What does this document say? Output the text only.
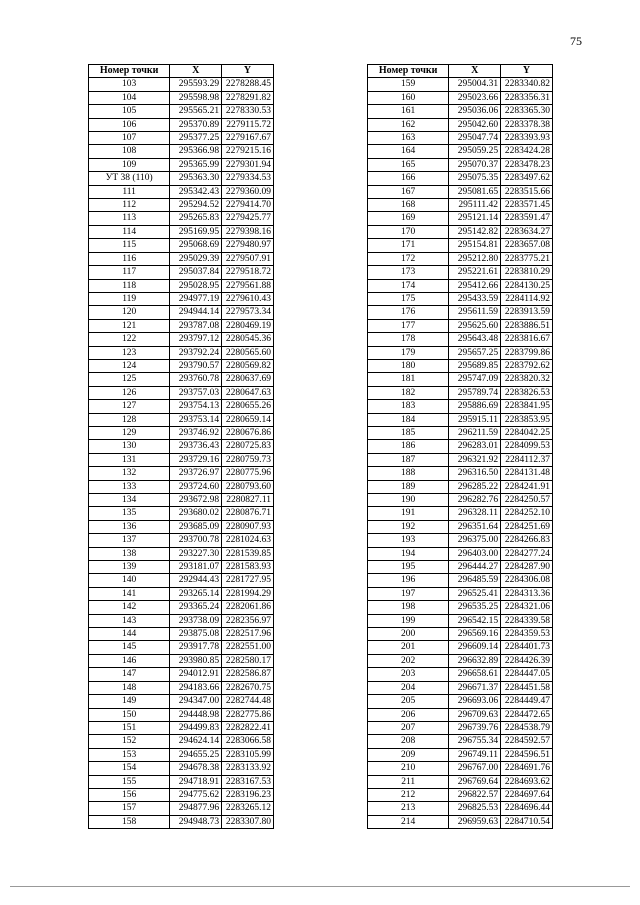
75
Номер точки	X	Y
103	295593.29	2278288.45
104	295598.98	2278291.82
105	295565.21	2278330.53
106	295370.89	2279115.72
107	295377.25	2279167.67
108	295366.98	2279215.16
109	295365.99	2279301.94
УТ 38 (110)	295363.30	2279334.53
111	295342.43	2279360.09
112	295294.52	2279414.70
113	295265.83	2279425.77
114	295169.95	2279398.16
115	295068.69	2279480.97
116	295029.39	2279507.91
117	295037.84	2279518.72
118	295028.95	2279561.88
119	294977.19	2279610.43
120	294944.14	2279573.34
121	293787.08	2280469.19
122	293797.12	2280545.36
123	293792.24	2280565.60
124	293790.57	2280569.82
125	293760.78	2280637.69
126	293757.03	2280647.63
127	293754.13	2280655.26
128	293753.14	2280659.14
129	293746.92	2280676.86
130	293736.43	2280725.83
131	293729.16	2280759.73
132	293726.97	2280775.96
133	293724.60	2280793.60
134	293672.98	2280827.11
135	293680.02	2280876.71
136	293685.09	2280907.93
137	293700.78	2281024.63
138	293227.30	2281539.85
139	293181.07	2281583.93
140	292944.43	2281727.95
141	293265.14	2281994.29
142	293365.24	2282061.86
143	293738.09	2282356.97
144	293875.08	2282517.96
145	293917.78	2282551.00
146	293980.85	2282580.17
147	294012.91	2282586.87
148	294183.66	2282670.75
149	294347.00	2282744.48
150	294448.98	2282775.86
151	294499.83	2282822.41
152	294624.14	2283066.58
153	294655.25	2283105.99
154	294678.38	2283133.92
155	294718.91	2283167.53
156	294775.62	2283196.23
157	294877.96	2283265.12
158	294948.73	2283307.80
Номер точки	X	Y
159	295004.31	2283340.82
160	295023.66	2283356.31
161	295036.06	2283365.30
162	295042.60	2283378.38
163	295047.74	2283393.93
164	295059.25	2283424.28
165	295070.37	2283478.23
166	295075.35	2283497.62
167	295081.65	2283515.66
168	295111.42	2283571.45
169	295121.14	2283591.47
170	295142.82	2283634.27
171	295154.81	2283657.08
172	295212.80	2283775.21
173	295221.61	2283810.29
174	295412.66	2284130.25
175	295433.59	2284114.92
176	295611.59	2283913.59
177	295625.60	2283886.51
178	295643.48	2283816.67
179	295657.25	2283799.86
180	295689.85	2283792.62
181	295747.09	2283820.32
182	295789.74	2283826.53
183	295886.69	2283841.95
184	295915.11	2283853.95
185	296211.59	2284042.25
186	296283.01	2284099.53
187	296321.92	2284112.37
188	296316.50	2284131.48
189	296285.22	2284241.91
190	296282.76	2284250.57
191	296328.11	2284252.10
192	296351.64	2284251.69
193	296375.00	2284266.83
194	296403.00	2284277.24
195	296444.27	2284287.90
196	296485.59	2284306.08
197	296525.41	2284313.36
198	296535.25	2284321.06
199	296542.15	2284339.58
200	296569.16	2284359.53
201	296609.14	2284401.73
202	296632.89	2284426.39
203	296658.61	2284447.05
204	296671.37	2284451.58
205	296693.06	2284449.47
206	296709.63	2284472.65
207	296739.76	2284538.79
208	296755.34	2284592.57
209	296749.11	2284596.51
210	296767.00	2284691.76
211	296769.64	2284693.62
212	296822.57	2284697.64
213	296825.53	2284696.44
214	296959.63	2284710.54
